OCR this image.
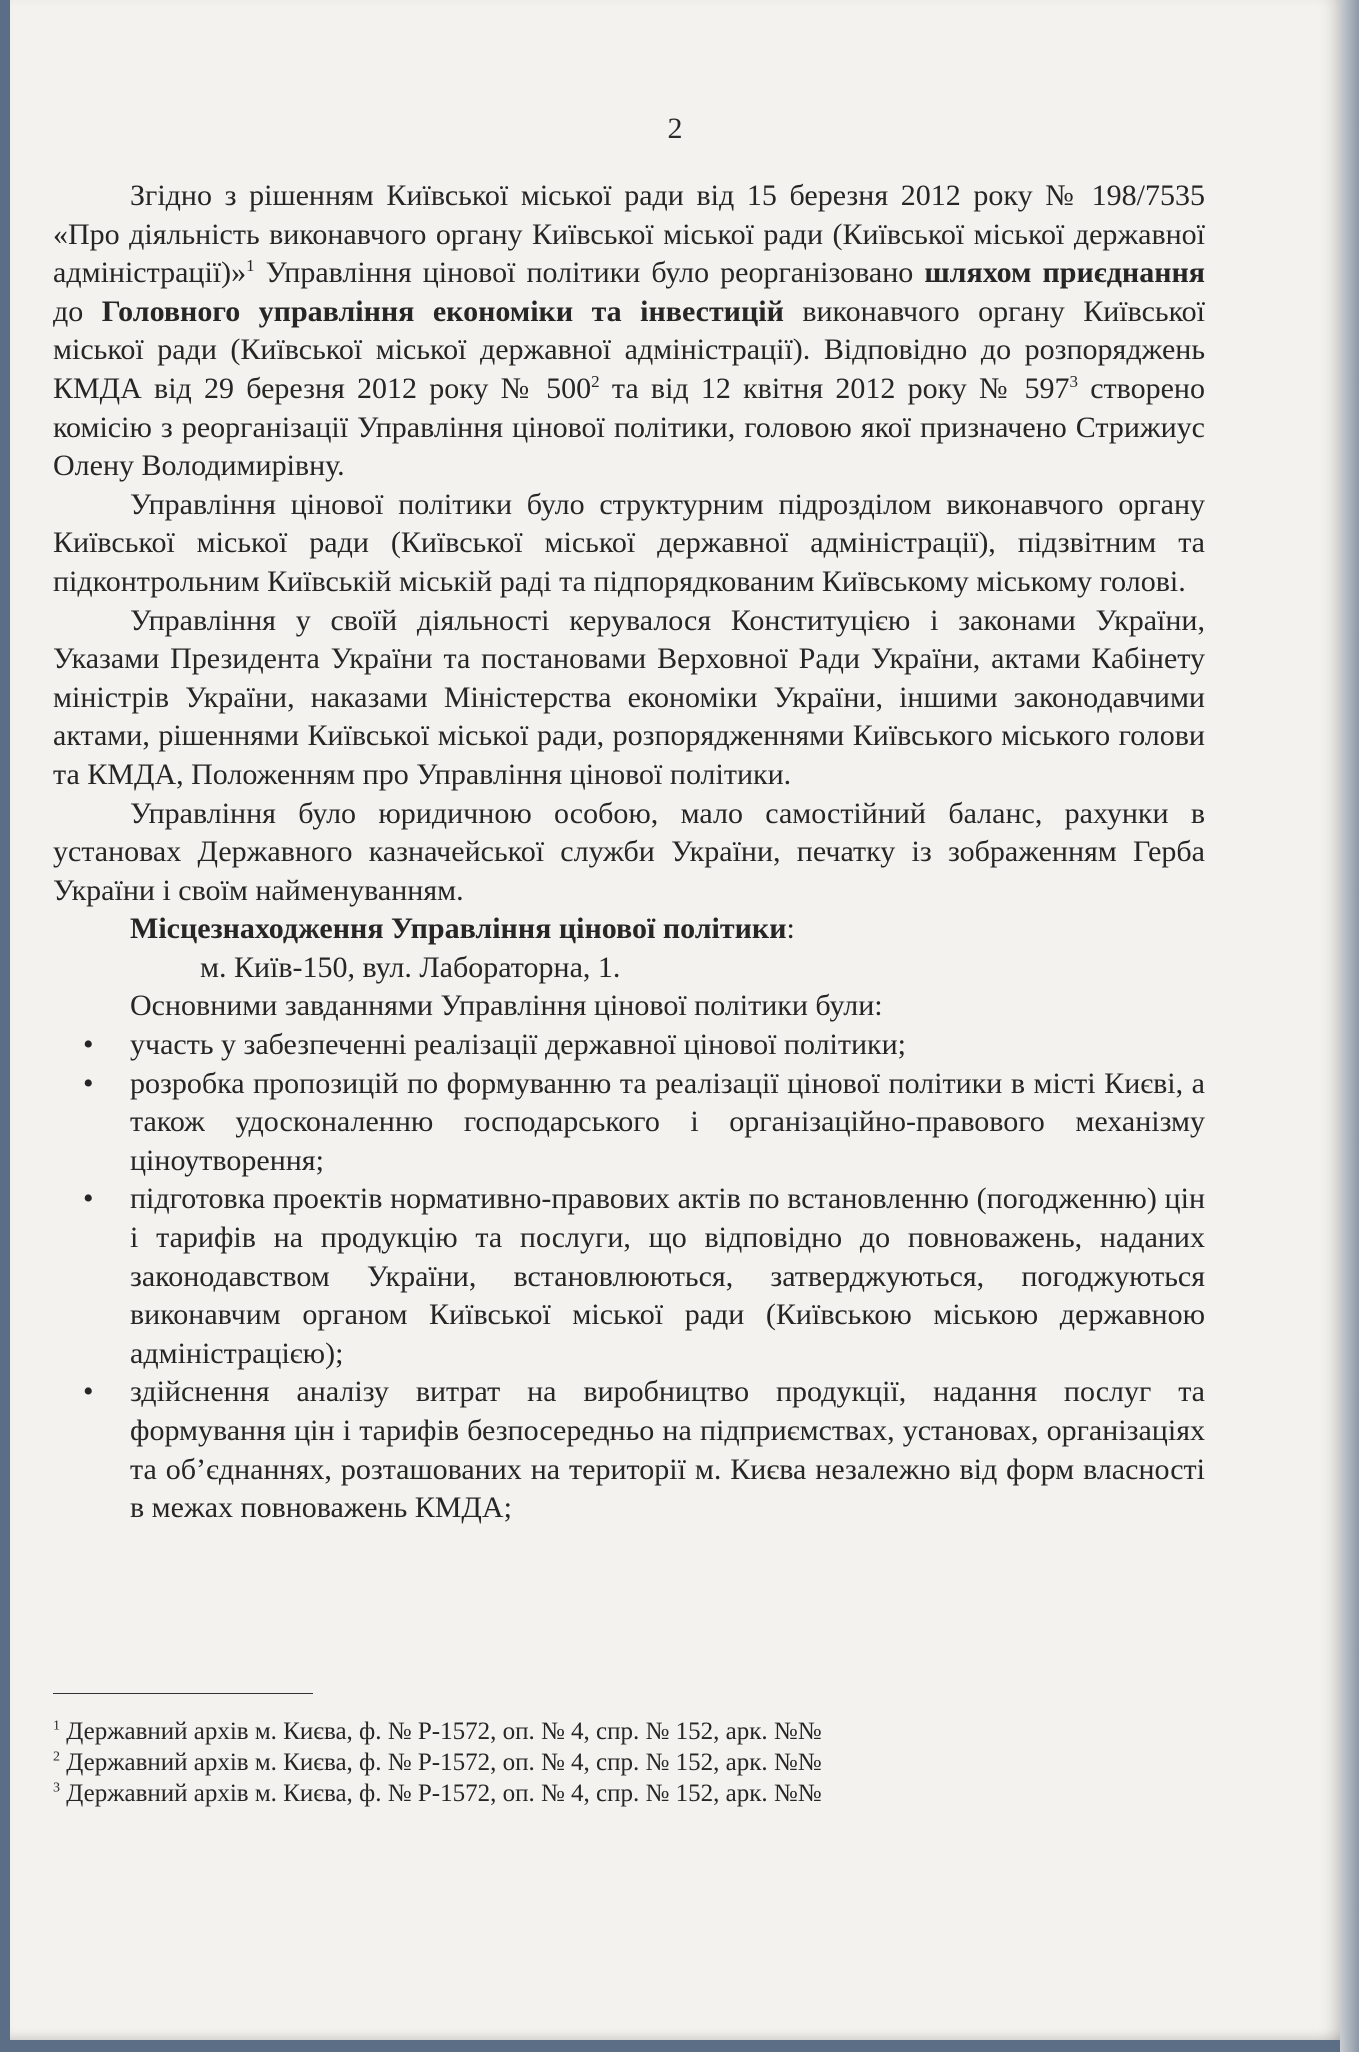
2

Згідно з рішенням Київської міської ради від 15 березня 2012 року № 198/7535 «Про діяльність виконавчого органу Київської міської ради (Київської міської державної адміністрації)»$^1$ Управління цінової політики було реорганізовано шляхом приєднання до Головного управління економіки та інвестицій виконавчого органу Київської міської ради (Київської міської державної адміністрації). Відповідно до розпоряджень КМДА від 29 березня 2012 року № $500^2$ та від 12 квітня 2012 року № $597^3$ створено комісію з реорганізації Управління цінової політики, головою якої призначено Стрижиус Олену Володимирівну.

Управління цінової політики було структурним підрозділом виконавчого органу Київської міської ради (Київської міської державної адміністрації), підзвітним та підконтрольним Київській міській раді та підпорядкованим Київському міському голові.

Управління у своїй діяльності керувалося Конституцією і законами України, Указами Президента України та постановами Верховної Ради України, актами Кабінету міністрів України, наказами Міністерства економіки України, іншими законодавчими актами, рішеннями Київської міської ради, розпорядженнями Київського міського голови та КМДА, Положенням про Управління цінової політики.

Управління було юридичною особою, мало самостійний баланс, рахунки в установах Державного казначейської служби України, печатку із зображенням Герба України і своїм найменуванням.

Місцезнаходження Управління цінової політики:

м. Київ-150, вул. Лабораторна, 1.

Основними завданнями Управління цінової політики були:

• участь у забезпеченні реалізації державної цінової політики;
• розробка пропозицій по формуванню та реалізації цінової політики в місті Києві, а також удосконаленню господарського і організаційно-правового механізму ціноутворення;
• підготовка проектів нормативно-правових актів по встановленню (погодженню) цін і тарифів на продукцію та послуги, що відповідно до повноважень, наданих законодавством України, встановлюються, затверджуються, погоджуються виконавчим органом Київської міської ради (Київською міською державною адміністрацією);
• здійснення аналізу витрат на виробництво продукції, надання послуг та формування цін і тарифів безпосередньо на підприємствах, установах, організаціях та об’єднаннях, розташованих на території м. Києва незалежно від форм власності в межах повноважень КМДА;
$^1$ Державний архів м. Києва, ф. № Р-1572, оп. № 4, спр. № 152, арк. №№
$^2$ Державний архів м. Києва, ф. № Р-1572, оп. № 4, спр. № 152, арк. №№
$^3$ Державний архів м. Києва, ф. № Р-1572, оп. № 4, спр. № 152, арк. №№
